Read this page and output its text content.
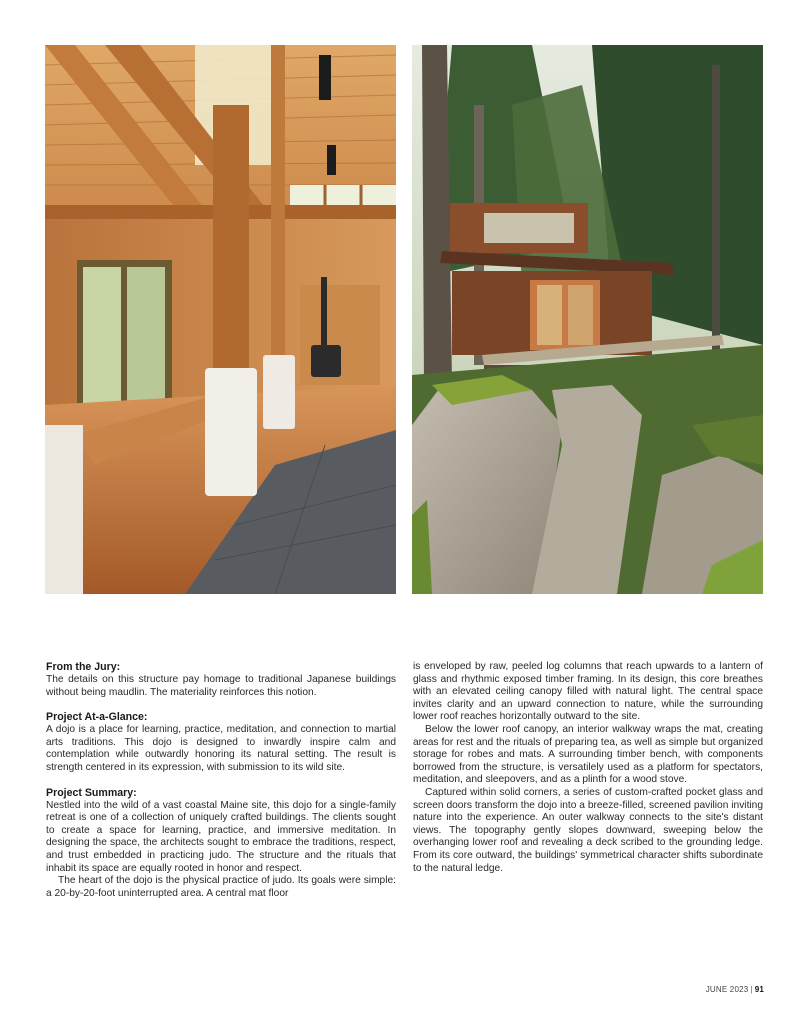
From the Jury:

The details on this structure pay homage to traditional Japanese buildings without being maudlin. The materiality reinforces this notion.

Project At-a-Glance:

A dojo is a place for learning, practice, meditation, and connection to martial arts traditions. This dojo is designed to inwardly inspire calm and contemplation while outwardly honoring its natural setting. The result is strength centered in its expression, with submission to its wild site.

Project Summary:

Nestled into the wild of a vast coastal Maine site, this dojo for a single-family retreat is one of a collection of uniquely crafted buildings. The clients sought to create a space for learning, practice, and immersive meditation. In designing the space, the architects sought to embrace the traditions, respect, and trust embedded in practicing judo. The structure and the rituals that inhabit its space are equally rooted in honor and respect.

The heart of the dojo is the physical practice of judo. Its goals were simple: a 20-by-20-foot uninterrupted area. A central mat floor

is enveloped by raw, peeled log columns that reach upwards to a lantern of glass and rhythmic exposed timber framing. In its design, this core breathes with an elevated ceiling canopy filled with natural light. The central space invites clarity and an upward connection to nature, while the surrounding lower roof reaches horizontally outward to the site.

Below the lower roof canopy, an interior walkway wraps the mat, creating areas for rest and the rituals of preparing tea, as well as simple but organized storage for robes and mats. A surrounding timber bench, with components borrowed from the structure, is versatilely used as a platform for spectators, meditation, and sleepovers, and as a plinth for a wood stove.

Captured within solid corners, a series of custom-crafted pocket glass and screen doors transform the dojo into a breeze-filled, screened pavilion inviting nature into the experience. An outer walkway connects to the site's distant views. The topography gently slopes downward, sweeping below the overhanging lower roof and revealing a deck scribed to the grounding ledge. From its core outward, the buildings' symmetrical character shifts subordinate to the natural ledge.

JUNE 2023 | 91
